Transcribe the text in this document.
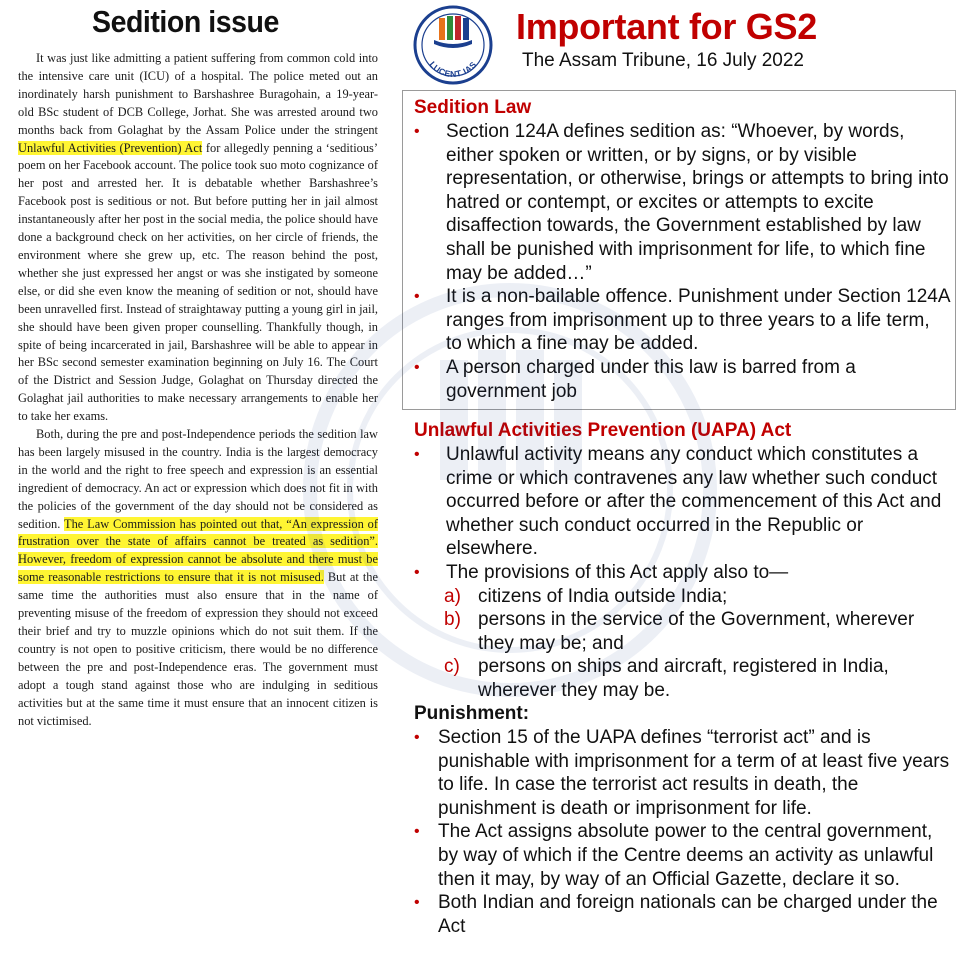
Sedition issue

It was just like admitting a patient suffering from common cold into the intensive care unit (ICU) of a hospital. The police meted out an inordinately harsh punishment to Barshashree Buragohain, a 19-year-old BSc student of DCB College, Jorhat. She was arrested around two months back from Golaghat by the Assam Police under the stringent Unlawful Activities (Prevention) Act for allegedly penning a ‘seditious’ poem on her Facebook account. The police took suo moto cognizance of her post and arrested her. It is debatable whether Barshashree’s Facebook post is seditious or not. But before putting her in jail almost instantaneously after her post in the social media, the police should have done a background check on her activities, on her circle of friends, the environment where she grew up, etc. The reason behind the post, whether she just expressed her angst or was she instigated by someone else, or did she even know the meaning of sedition or not, should have been unravelled first. Instead of straightaway putting a young girl in jail, she should have been given proper counselling. Thankfully though, in spite of being incarcerated in jail, Barshashree will be able to appear in her BSc second semester examination beginning on July 16. The Court of the District and Session Judge, Golaghat on Thursday directed the Golaghat jail authorities to make necessary arrangements to enable her to take her exams.

Both, during the pre and post-Independence periods the sedition law has been largely misused in the country. India is the largest democracy in the world and the right to free speech and expression is an essential ingredient of democracy. An act or expression which does not fit in with the policies of the government of the day should not be considered as sedition. The Law Commission has pointed out that, “An expression of frustration over the state of affairs cannot be treated as sedition”. However, freedom of expression cannot be absolute and there must be some reasonable restrictions to ensure that it is not misused. But at the same time the authorities must also ensure that in the name of preventing misuse of the freedom of expression they should not exceed their brief and try to muzzle opinions which do not suit them. If the country is not open to positive criticism, there would be no difference between the pre and post-Independence eras. The government must adopt a tough stand against those who are indulging in seditious activities but at the same time it must ensure that an innocent citizen is not victimised.

LUCENT IAS
Important for GS2
The Assam Tribune, 16 July 2022
Sedition Law
• Section 124A defines sedition as: “Whoever, by words, either spoken or written, or by signs, or by visible representation, or otherwise, brings or attempts to bring into hatred or contempt, or excites or attempts to excite disaffection towards, the Government established by law shall be punished with imprisonment for life, to which fine may be added…”
• It is a non-bailable offence. Punishment under Section 124A ranges from imprisonment up to three years to a life term, to which a fine may be added.
• A person charged under this law is barred from a government job
Unlawful Activities Prevention (UAPA) Act
• Unlawful activity means any conduct which constitutes a crime or which contravenes any law whether such conduct occurred before or after the commencement of this Act and whether such conduct occurred in the Republic or elsewhere.
• The provisions of this Act apply also to—
a) citizens of India outside India;
b) persons in the service of the Government, wherever they may be; and
c) persons on ships and aircraft, registered in India, wherever they may be.
Punishment:
• Section 15 of the UAPA defines “terrorist act” and is punishable with imprisonment for a term of at least five years to life. In case the terrorist act results in death, the punishment is death or imprisonment for life.
• The Act assigns absolute power to the central government, by way of which if the Centre deems an activity as unlawful then it may, by way of an Official Gazette, declare it so.
• Both Indian and foreign nationals can be charged under the Act
